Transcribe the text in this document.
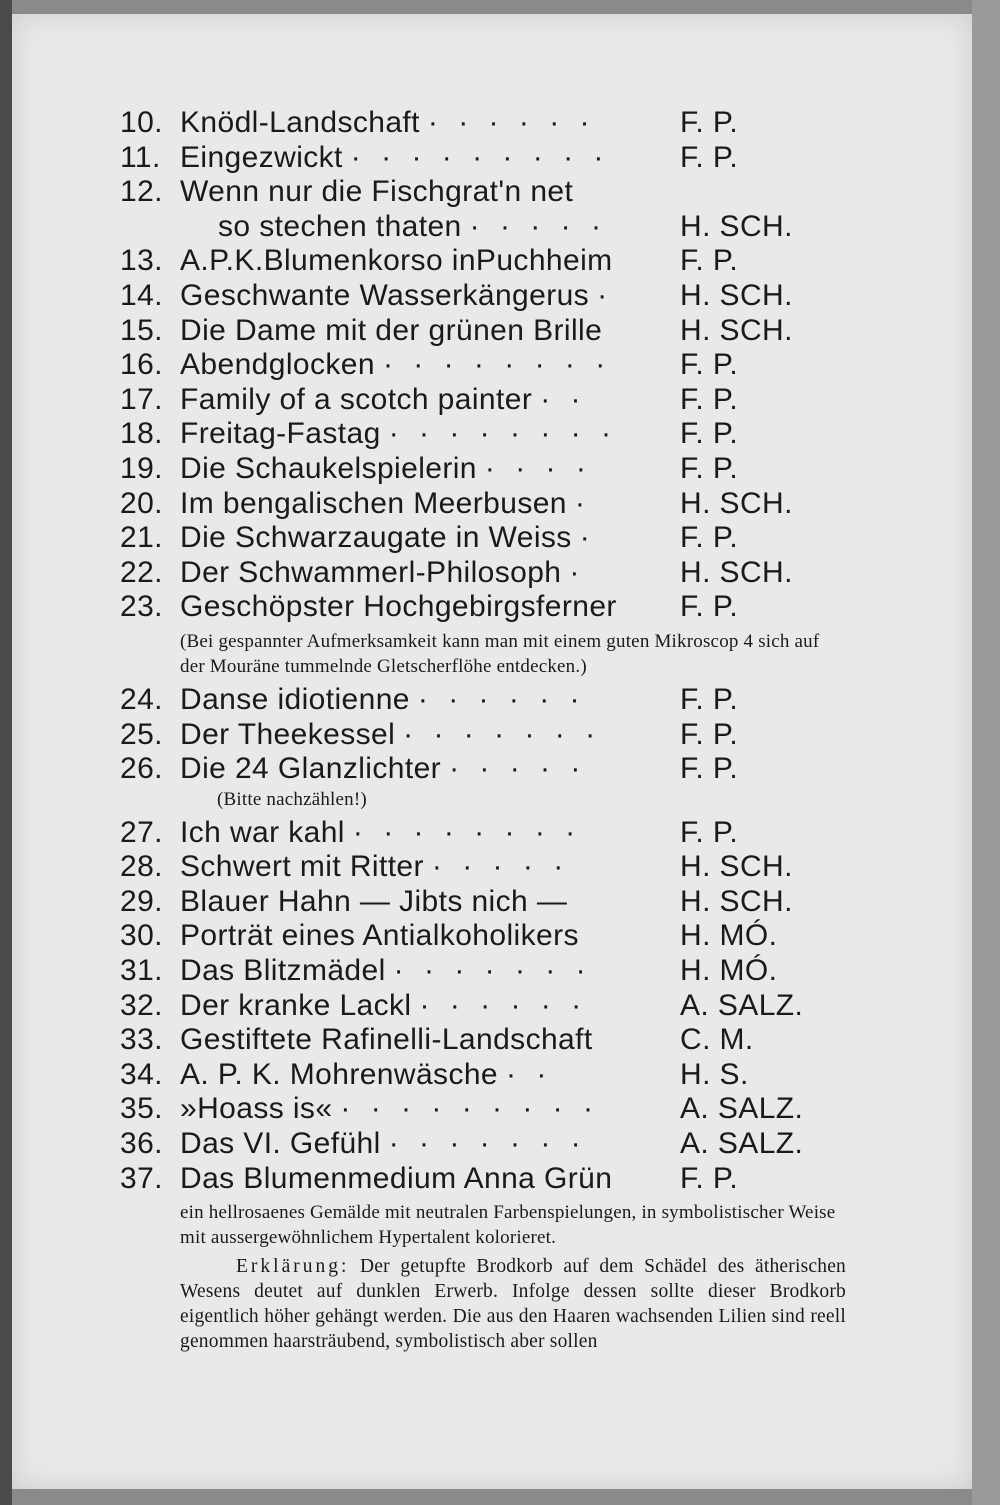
10. Knödl-Landschaft · · · · · ·	F. P.
11. Eingezwickt · · · · · · · · ·	F. P.
12. Wenn nur die Fischgrat'n net
so stechen thaten · · · · ·	H. SCH.
13. A.P.K.Blumenkorso inPuchheim	F. P.
14. Geschwante Wasserkängerus ·	H. SCH.
15. Die Dame mit der grünen Brille	H. SCH.
16. Abendglocken · · · · · · · ·	F. P.
17. Family of a scotch painter · ·	F. P.
18. Freitag-Fastag · · · · · · · ·	F. P.
19. Die Schaukelspielerin · · · ·	F. P.
20. Im bengalischen Meerbusen ·	H. SCH.
21. Die Schwarzaugate in Weiss ·	F. P.
22. Der Schwammerl-Philosoph ·	H. SCH.
23. Geschöpster Hochgebirgsferner	F. P.
(Bei gespannter Aufmerksamkeit kann man mit einem guten Mikroscop 4 sich auf der Mouräne tummelnde Gletscherflöhe entdecken.)
24. Danse idiotienne · · · · · ·	F. P.
25. Der Theekessel · · · · · · ·	F. P.
26. Die 24 Glanzlichter · · · · ·	F. P.
(Bitte nachzählen!)
27. Ich war kahl · · · · · · · ·	F. P.
28. Schwert mit Ritter · · · · ·	H. SCH.
29. Blauer Hahn — Jibts nich —	H. SCH.
30. Porträt eines Antialkoholikers	H. MÓ.
31. Das Blitzmädel · · · · · · ·	H. MÓ.
32. Der kranke Lackl · · · · · ·	A. SALZ.
33. Gestiftete Rafinelli-Landschaft	C. M.
34. A. P. K. Mohrenwäsche · ·	H. S.
35. »Hoass is« · · · · · · · · ·	A. SALZ.
36. Das VI. Gefühl · · · · · · ·	A. SALZ.
37. Das Blumenmedium Anna Grün	F. P.
ein hellrosaenes Gemälde mit neutralen Farbenspielungen, in symbolistischer Weise mit aussergewöhnlichem Hypertalent kolorieret.
Erklärung: Der getupfte Brodkorb auf dem Schädel des ätherischen Wesens deutet auf dunklen Erwerb. Infolge dessen sollte dieser Brodkorb eigentlich höher gehängt werden. Die aus den Haaren wachsenden Lilien sind reell genommen haarsträubend, symbolistisch aber sollen
